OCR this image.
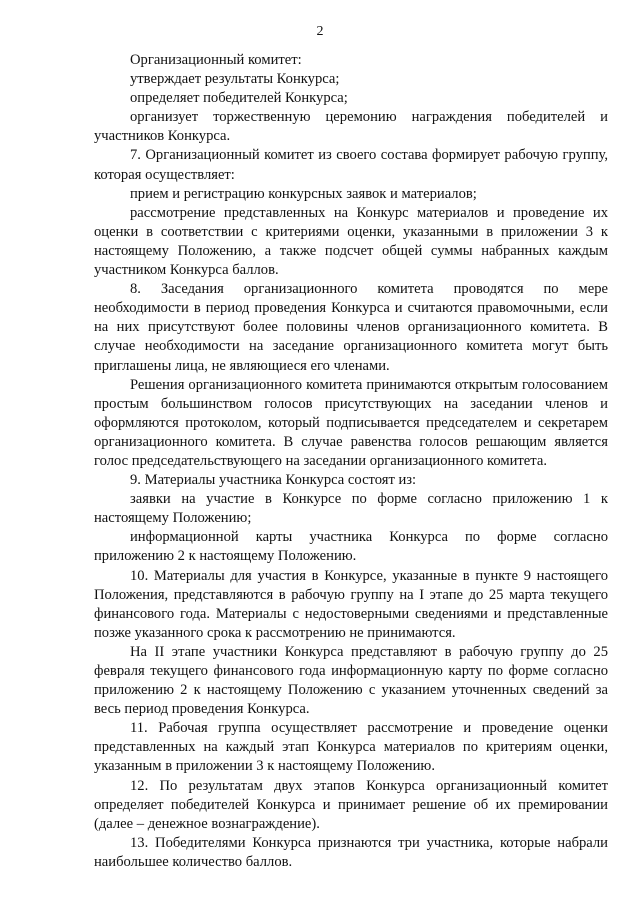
2

Организационный комитет:

утверждает результаты Конкурса;

определяет победителей Конкурса;

организует торжественную церемонию награждения победителей и участников Конкурса.

7. Организационный комитет из своего состава формирует рабочую группу, которая осуществляет:

прием и регистрацию конкурсных заявок и материалов;

рассмотрение представленных на Конкурс материалов и проведение их оценки в соответствии с критериями оценки, указанными в приложении 3 к настоящему Положению, а также подсчет общей суммы набранных каждым участником Конкурса баллов.

8. Заседания организационного комитета проводятся по мере необходимости в период проведения Конкурса и считаются правомочными, если на них присутствуют более половины членов организационного комитета. В случае необходимости на заседание организационного комитета могут быть приглашены лица, не являющиеся его членами.

Решения организационного комитета принимаются открытым голосованием простым большинством голосов присутствующих на заседании членов и оформляются протоколом, который подписывается председателем и секретарем организационного комитета. В случае равенства голосов решающим является голос председательствующего на заседании организационного комитета.

9. Материалы участника Конкурса состоят из:

заявки на участие в Конкурсе по форме согласно приложению 1 к настоящему Положению;

информационной карты участника Конкурса по форме согласно приложению 2 к настоящему Положению.

10. Материалы для участия в Конкурсе, указанные в пункте 9 настоящего Положения, представляются в рабочую группу на I этапе до 25 марта текущего финансового года. Материалы с недостоверными сведениями и представленные позже указанного срока к рассмотрению не принимаются.

На II этапе участники Конкурса представляют в рабочую группу до 25 февраля текущего финансового года информационную карту по форме согласно приложению 2 к настоящему Положению с указанием уточненных сведений за весь период проведения Конкурса.

11. Рабочая группа осуществляет рассмотрение и проведение оценки представленных на каждый этап Конкурса материалов по критериям оценки, указанным в приложении 3 к настоящему Положению.

12. По результатам двух этапов Конкурса организационный комитет определяет победителей Конкурса и принимает решение об их премировании (далее – денежное вознаграждение).

13. Победителями Конкурса признаются три участника, которые набрали наибольшее количество баллов.
